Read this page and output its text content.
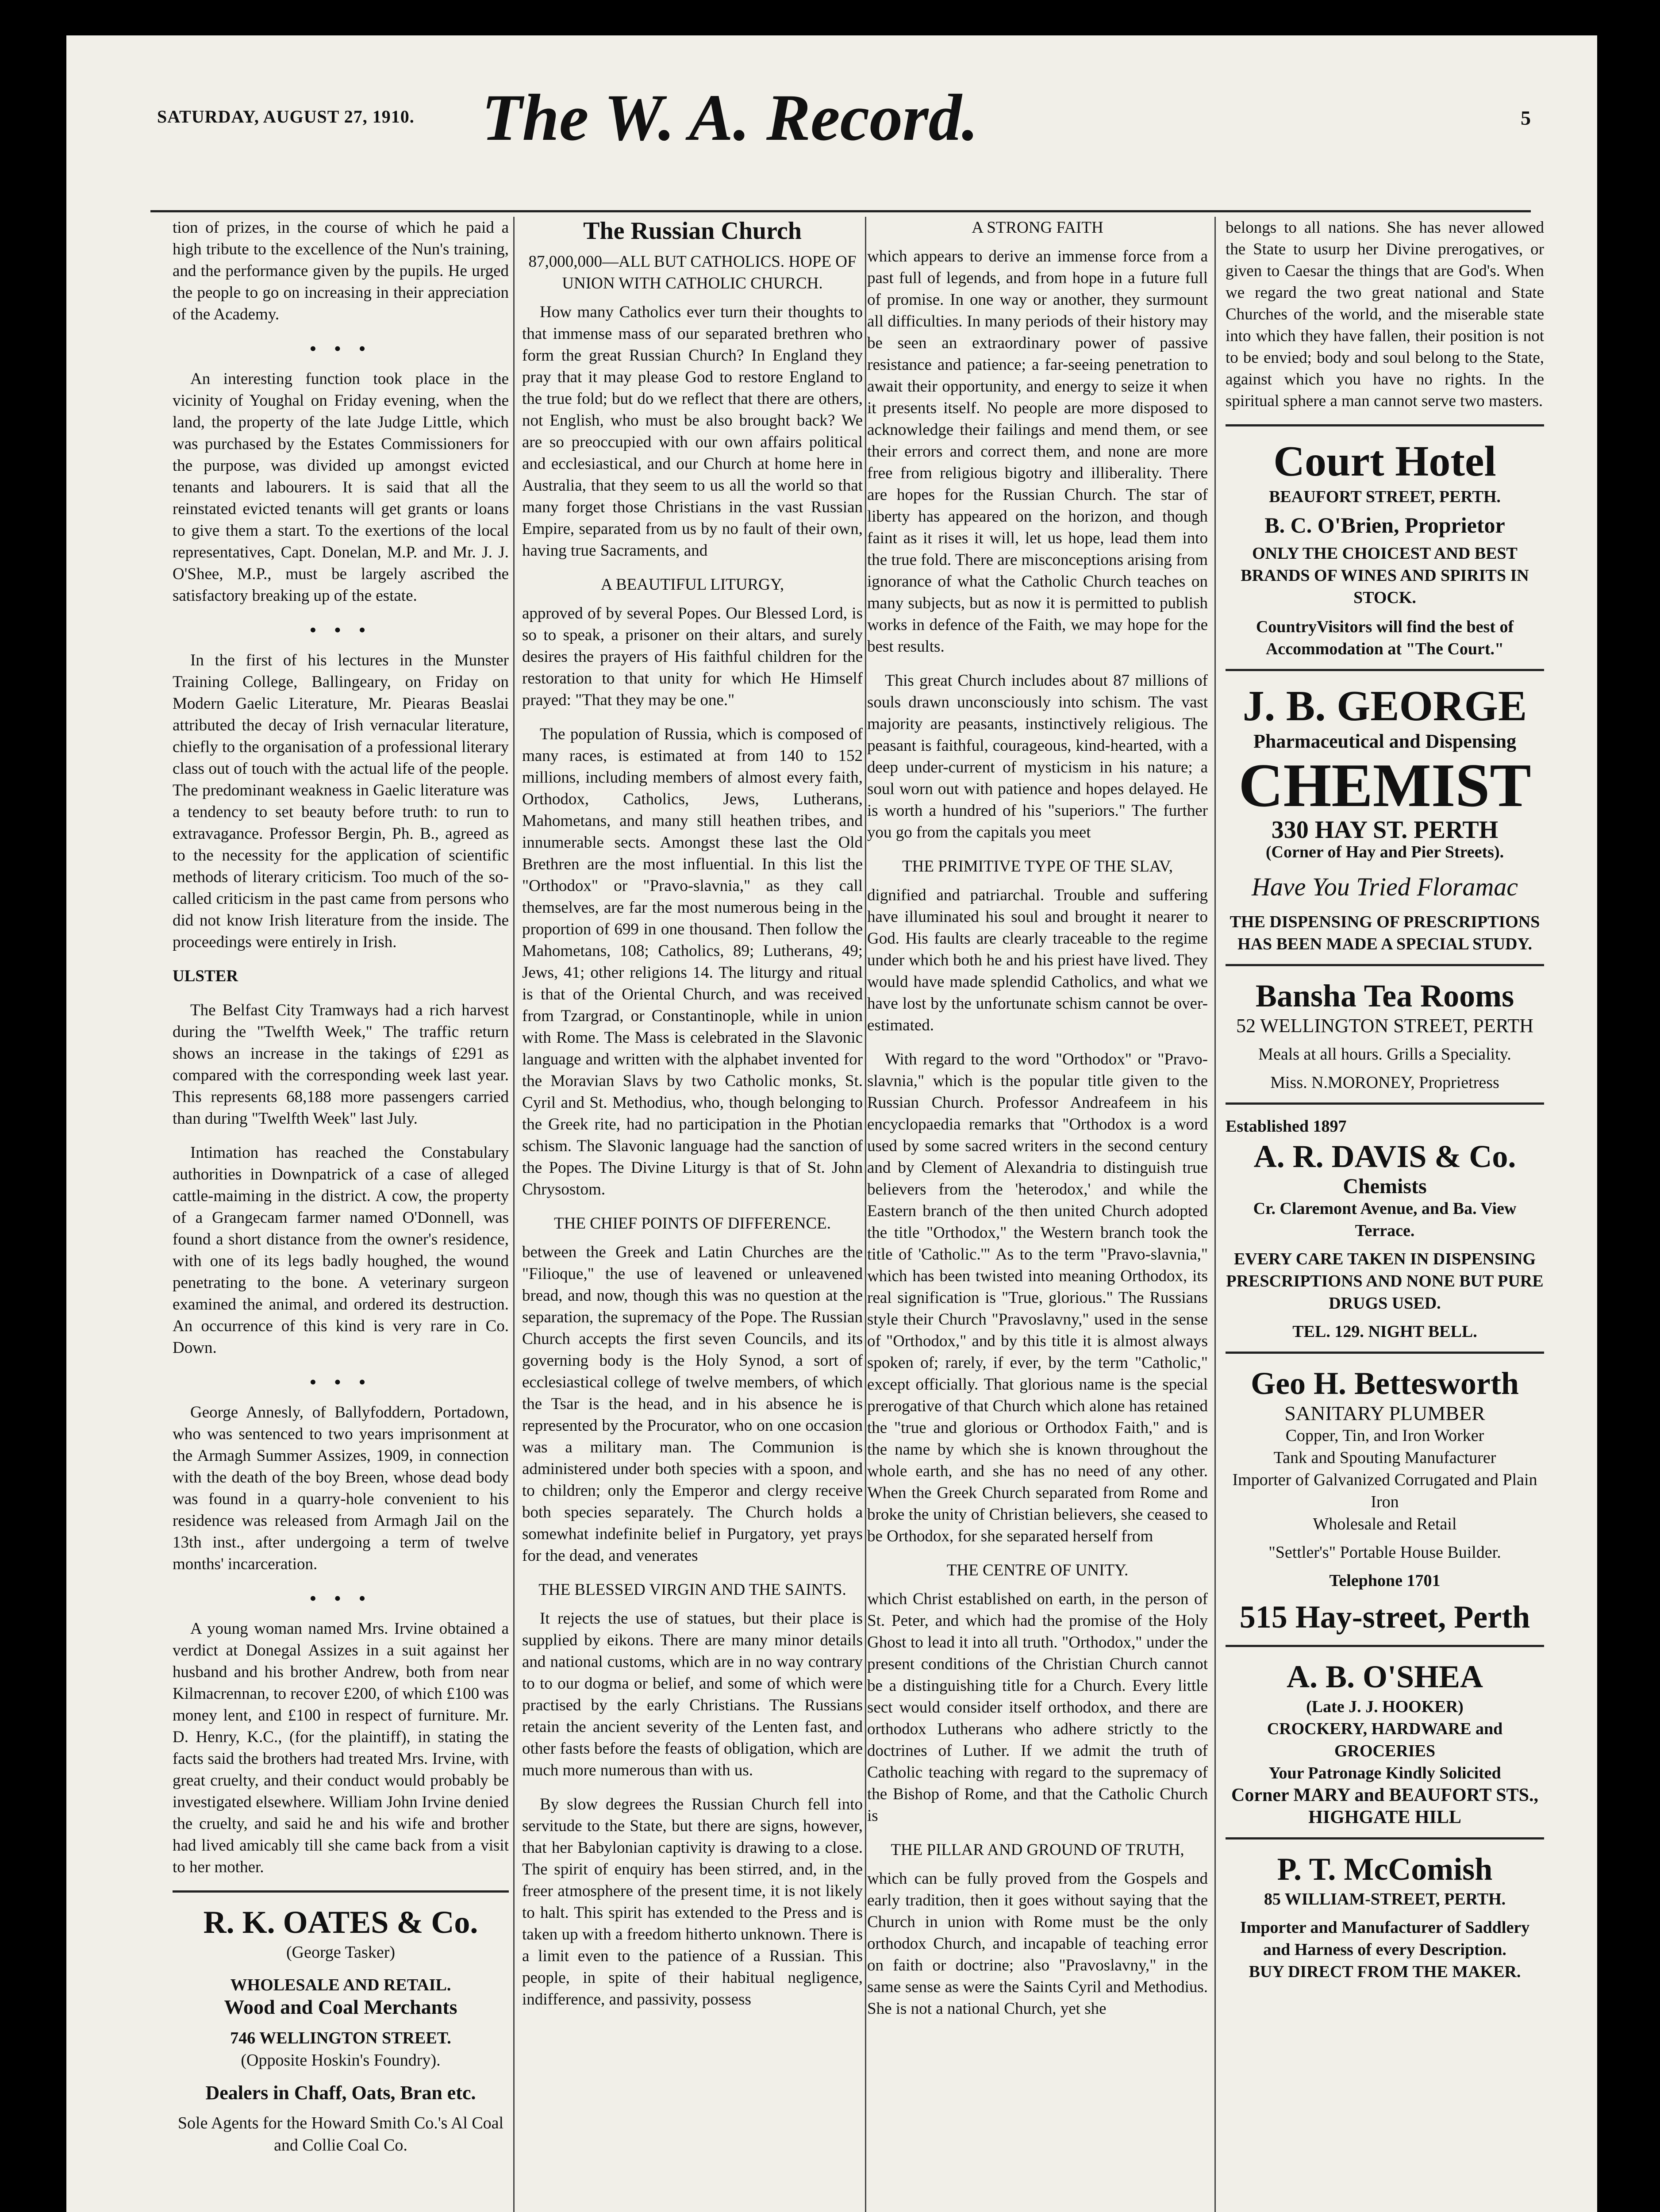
SATURDAY, AUGUST 27, 1910. The W. A. Record.	5

tion of prizes, in the course of which he paid a high tribute to the excellence of the Nun's training, and the performance given by the pupils. He urged the people to go on increasing in their appreciation of the Academy.

• • •

An interesting function took place in the vicinity of Youghal on Friday evening, when the land, the property of the late Judge Little, which was purchased by the Estates Commissioners for the purpose, was divided up amongst evicted tenants and labourers. It is said that all the reinstated evicted tenants will get grants or loans to give them a start. To the exertions of the local representatives, Capt. Donelan, M.P. and Mr. J. J. O'Shee, M.P., must be largely ascribed the satisfactory breaking up of the estate.

• • •

In the first of his lectures in the Munster Training College, Ballingeary, on Friday on Modern Gaelic Literature, Mr. Piearas Beaslai attributed the decay of Irish vernacular literature, chiefly to the organisation of a professional literary class out of touch with the actual life of the people. The predominant weakness in Gaelic literature was a tendency to set beauty before truth: to run to extravagance. Professor Bergin, Ph. B., agreed as to the necessity for the application of scientific methods of literary criticism. Too much of the so-called criticism in the past came from persons who did not know Irish literature from the inside. The proceedings were entirely in Irish.

ULSTER

The Belfast City Tramways had a rich harvest during the "Twelfth Week," The traffic return shows an increase in the takings of £291 as compared with the corresponding week last year. This represents 68,188 more passengers carried than during "Twelfth Week" last July.

Intimation has reached the Constabulary authorities in Downpatrick of a case of alleged cattle-maiming in the district. A cow, the property of a Grangecam farmer named O'Donnell, was found a short distance from the owner's residence, with one of its legs badly houghed, the wound penetrating to the bone. A veterinary surgeon examined the animal, and ordered its destruction. An occurrence of this kind is very rare in Co. Down.

• • •

George Annesly, of Ballyfoddern, Portadown, who was sentenced to two years imprisonment at the Armagh Summer Assizes, 1909, in connection with the death of the boy Breen, whose dead body was found in a quarry-hole convenient to his residence was released from Armagh Jail on the 13th inst., after undergoing a term of twelve months' incarceration.

• • •

A young woman named Mrs. Irvine obtained a verdict at Donegal Assizes in a suit against her husband and his brother Andrew, both from near Kilmacrennan, to recover £200, of which £100 was money lent, and £100 in respect of furniture. Mr. D. Henry, K.C., (for the plaintiff), in stating the facts said the brothers had treated Mrs. Irvine, with great cruelty, and their conduct would probably be investigated elsewhere. William John Irvine denied the cruelty, and said he and his wife and brother had lived amicably till she came back from a visit to her mother.

R. K. OATES & Co.
(George Tasker)
WHOLESALE AND RETAIL.
Wood and Coal Merchants
746 WELLINGTON STREET.
(Opposite Hoskin's Foundry).
Dealers in Chaff, Oats, Bran etc.
Sole Agents for the Howard Smith Co.'s Al Coal and Collie Coal Co.
The Russian Church
87,000,000—ALL BUT CATHOLICS. HOPE OF UNION WITH CATHOLIC CHURCH.

How many Catholics ever turn their thoughts to that immense mass of our separated brethren who form the great Russian Church? In England they pray that it may please God to restore England to the true fold; but do we reflect that there are others, not English, who must be also brought back? We are so preoccupied with our own affairs political and ecclesiastical, and our Church at home here in Australia, that they seem to us all the world so that many forget those Christians in the vast Russian Empire, separated from us by no fault of their own, having true Sacraments, and

A BEAUTIFUL LITURGY,

approved of by several Popes. Our Blessed Lord, is so to speak, a prisoner on their altars, and surely desires the prayers of His faithful children for the restoration to that unity for which He Himself prayed: "That they may be one."

The population of Russia, which is composed of many races, is estimated at from 140 to 152 millions, including members of almost every faith, Orthodox, Catholics, Jews, Lutherans, Mahometans, and many still heathen tribes, and innumerable sects. Amongst these last the Old Brethren are the most influential. In this list the "Orthodox" or "Pravo-slavnia," as they call themselves, are far the most numerous being in the proportion of 699 in one thousand. Then follow the Mahometans, 108; Catholics, 89; Lutherans, 49; Jews, 41; other religions 14. The liturgy and ritual is that of the Oriental Church, and was received from Tzargrad, or Constantinople, while in union with Rome. The Mass is celebrated in the Slavonic language and written with the alphabet invented for the Moravian Slavs by two Catholic monks, St. Cyril and St. Methodius, who, though belonging to the Greek rite, had no participation in the Photian schism. The Slavonic language had the sanction of the Popes. The Divine Liturgy is that of St. John Chrysostom.

THE CHIEF POINTS OF DIFFERENCE.

between the Greek and Latin Churches are the "Filioque," the use of leavened or unleavened bread, and now, though this was no question at the separation, the supremacy of the Pope. The Russian Church accepts the first seven Councils, and its governing body is the Holy Synod, a sort of ecclesiastical college of twelve members, of which the Tsar is the head, and in his absence he is represented by the Procurator, who on one occasion was a military man. The Communion is administered under both species with a spoon, and to children; only the Emperor and clergy receive both species separately. The Church holds a somewhat indefinite belief in Purgatory, yet prays for the dead, and venerates

THE BLESSED VIRGIN AND THE SAINTS.

It rejects the use of statues, but their place is supplied by eikons. There are many minor details and national customs, which are in no way contrary to to our dogma or belief, and some of which were practised by the early Christians. The Russians retain the ancient severity of the Lenten fast, and other fasts before the feasts of obligation, which are much more numerous than with us.

By slow degrees the Russian Church fell into servitude to the State, but there are signs, however, that her Babylonian captivity is drawing to a close. The spirit of enquiry has been stirred, and, in the freer atmosphere of the present time, it is not likely to halt. This spirit has extended to the Press and is taken up with a freedom hitherto unknown. There is a limit even to the patience of a Russian. This people, in spite of their habitual negligence, indifference, and passivity, possess

A STRONG FAITH

which appears to derive an immense force from a past full of legends, and from hope in a future full of promise. In one way or another, they surmount all difficulties. In many periods of their history may be seen an extraordinary power of passive resistance and patience; a far-seeing penetration to await their opportunity, and energy to seize it when it presents itself. No people are more disposed to acknowledge their failings and mend them, or see their errors and correct them, and none are more free from religious bigotry and illiberality. There are hopes for the Russian Church. The star of liberty has appeared on the horizon, and though faint as it rises it will, let us hope, lead them into the true fold. There are misconceptions arising from ignorance of what the Catholic Church teaches on many subjects, but as now it is permitted to publish works in defence of the Faith, we may hope for the best results.

This great Church includes about 87 millions of souls drawn unconsciously into schism. The vast majority are peasants, instinctively religious. The peasant is faithful, courageous, kind-hearted, with a deep under-current of mysticism in his nature; a soul worn out with patience and hopes delayed. He is worth a hundred of his "superiors." The further you go from the capitals you meet

THE PRIMITIVE TYPE OF THE SLAV,

dignified and patriarchal. Trouble and suffering have illuminated his soul and brought it nearer to God. His faults are clearly traceable to the regime under which both he and his priest have lived. They would have made splendid Catholics, and what we have lost by the unfortunate schism cannot be over-estimated.

With regard to the word "Orthodox" or "Pravo-slavnia," which is the popular title given to the Russian Church. Professor Andreafeem in his encyclopaedia remarks that "Orthodox is a word used by some sacred writers in the second century and by Clement of Alexandria to distinguish true believers from the 'heterodox,' and while the Eastern branch of the then united Church adopted the title "Orthodox," the Western branch took the title of 'Catholic.'" As to the term "Pravo-slavnia," which has been twisted into meaning Orthodox, its real signification is "True, glorious." The Russians style their Church "Pravoslavny," used in the sense of "Orthodox," and by this title it is almost always spoken of; rarely, if ever, by the term "Catholic," except officially. That glorious name is the special prerogative of that Church which alone has retained the "true and glorious or Orthodox Faith," and is the name by which she is known throughout the whole earth, and she has no need of any other. When the Greek Church separated from Rome and broke the unity of Christian believers, she ceased to be Orthodox, for she separated herself from

THE CENTRE OF UNITY.

which Christ established on earth, in the person of St. Peter, and which had the promise of the Holy Ghost to lead it into all truth. "Orthodox," under the present conditions of the Christian Church cannot be a distinguishing title for a Church. Every little sect would consider itself orthodox, and there are orthodox Lutherans who adhere strictly to the doctrines of Luther. If we admit the truth of Catholic teaching with regard to the supremacy of the Bishop of Rome, and that the Catholic Church is

THE PILLAR AND GROUND OF TRUTH,

which can be fully proved from the Gospels and early tradition, then it goes without saying that the Church in union with Rome must be the only orthodox Church, and incapable of teaching error on faith or doctrine; also "Pravoslavny," in the same sense as were the Saints Cyril and Methodius. She is not a national Church, yet she

belongs to all nations. She has never allowed the State to usurp her Divine prerogatives, or given to Caesar the things that are God's. When we regard the two great national and State Churches of the world, and the miserable state into which they have fallen, their position is not to be envied; body and soul belong to the State, against which you have no rights. In the spiritual sphere a man cannot serve two masters.

Court Hotel
BEAUFORT STREET, PERTH.
B. C. O'Brien, Proprietor
ONLY THE CHOICEST AND BEST BRANDS OF WINES AND SPIRITS IN STOCK.
CountryVisitors will find the best of Accommodation at "The Court."
J. B. GEORGE
Pharmaceutical and Dispensing
CHEMIST
330 HAY ST. PERTH
(Corner of Hay and Pier Streets).
Have You Tried Floramac
THE DISPENSING OF PRESCRIPTIONS HAS BEEN MADE A SPECIAL STUDY.
Bansha Tea Rooms
52 WELLINGTON STREET, PERTH
Meals at all hours. Grills a Speciality.
Miss. N.MORONEY, Proprietress
Established 1897
A. R. DAVIS & Co.
Chemists
Cr. Claremont Avenue, and Ba. View Terrace.
EVERY CARE TAKEN IN DISPENSING PRESCRIPTIONS AND NONE BUT PURE DRUGS USED.
TEL. 129. NIGHT BELL.
Geo H. Bettesworth
SANITARY PLUMBER
Copper, Tin, and Iron Worker
Tank and Spouting Manufacturer
Importer of Galvanized Corrugated and Plain Iron
Wholesale and Retail
"Settler's" Portable House Builder.
Telephone 1701
515 Hay-street, Perth
A. B. O'SHEA
(Late J. J. HOOKER)
CROCKERY, HARDWARE and GROCERIES
Your Patronage Kindly Solicited
Corner MARY and BEAUFORT STS., HIGHGATE HILL
P. T. McComish
85 WILLIAM-STREET, PERTH.
Importer and Manufacturer of Saddlery and Harness of every Description.
BUY DIRECT FROM THE MAKER.
